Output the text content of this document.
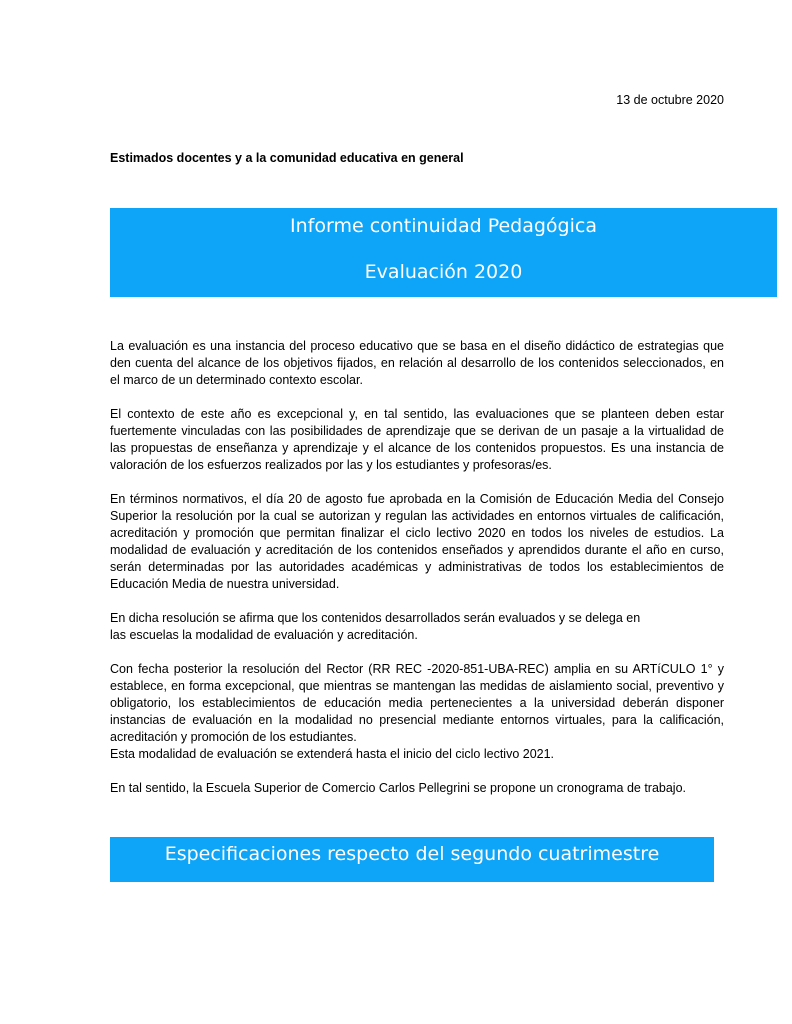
13 de octubre 2020
Estimados docentes y a la comunidad educativa en general
Informe continuidad Pedagógica
Evaluación 2020

La evaluación es una instancia del proceso educativo que se basa en el diseño didáctico de estrategias que den cuenta del alcance de los objetivos fijados, en relación al desarrollo de los contenidos seleccionados, en el marco de un determinado contexto escolar.

El contexto de este año es excepcional y, en tal sentido, las evaluaciones que se planteen deben estar fuertemente vinculadas con las posibilidades de aprendizaje que se derivan de un pasaje a la virtualidad de las propuestas de enseñanza y aprendizaje y el alcance de los contenidos propuestos. Es una instancia de valoración de los esfuerzos realizados por las y los estudiantes y profesoras/es.

En términos normativos, el día 20 de agosto fue aprobada en la Comisión de Educación Media del Consejo Superior la resolución por la cual se autorizan y regulan las actividades en entornos virtuales de calificación, acreditación y promoción que permitan finalizar el ciclo lectivo 2020 en todos los niveles de estudios. La modalidad de evaluación y acreditación de los contenidos enseñados y aprendidos durante el año en curso, serán determinadas por las autoridades académicas y administrativas de todos los establecimientos de Educación Media de nuestra universidad.

En dicha resolución se afirma que los contenidos desarrollados serán evaluados y se delega en
las escuelas la modalidad de evaluación y acreditación.

Con fecha posterior la resolución del Rector (RR REC -2020-851-UBA-REC) amplia en su ARTíCULO 1° y establece, en forma excepcional, que mientras se mantengan las medidas de aislamiento social, preventivo y obligatorio, los establecimientos de educación media pertenecientes a la universidad deberán disponer instancias de evaluación en la modalidad no presencial mediante entornos virtuales, para la calificación, acreditación y promoción de los estudiantes.
Esta modalidad de evaluación se extenderá hasta el inicio del ciclo lectivo 2021.

En tal sentido, la Escuela Superior de Comercio Carlos Pellegrini se propone un cronograma de trabajo.

Especificaciones respecto del segundo cuatrimestre
